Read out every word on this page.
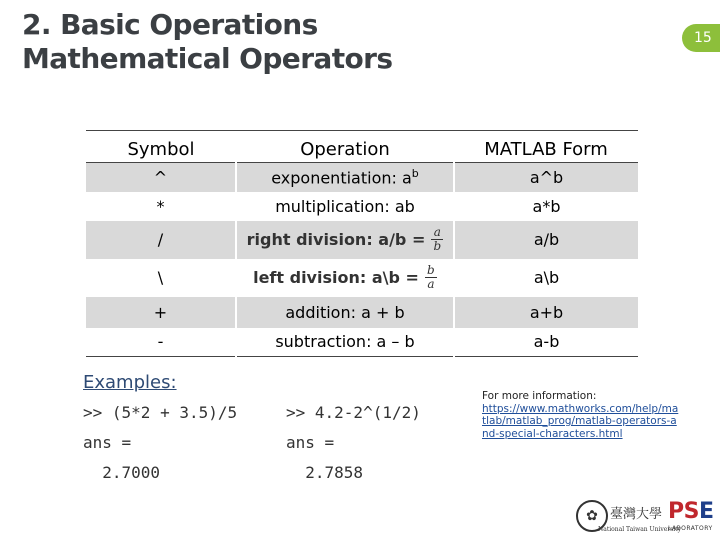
2. Basic Operations
Mathematical Operators
15
Symbol	Operation	MATLAB Form
^	exponentiation: $a^b$	a^b
*	multiplication: ab	a*b
/	right division: $a/b = \frac{a}{b}$	a/b
\	left division: a\b = $\frac{b}{a}$	a\b
+	addition: a + b	a+b
-	subtraction: a – b	a-b
Examples:
>> (5*2 + 3.5)/5
ans =
2.7000
>> 4.2-2^(1/2)
ans =
2.7858
For more information:
https://www.mathworks.com/help/matlab/matlab_prog/matlab-operators-and-special-characters.html
✿ 臺灣大學
National Taiwan University
PSE
LABORATORY
